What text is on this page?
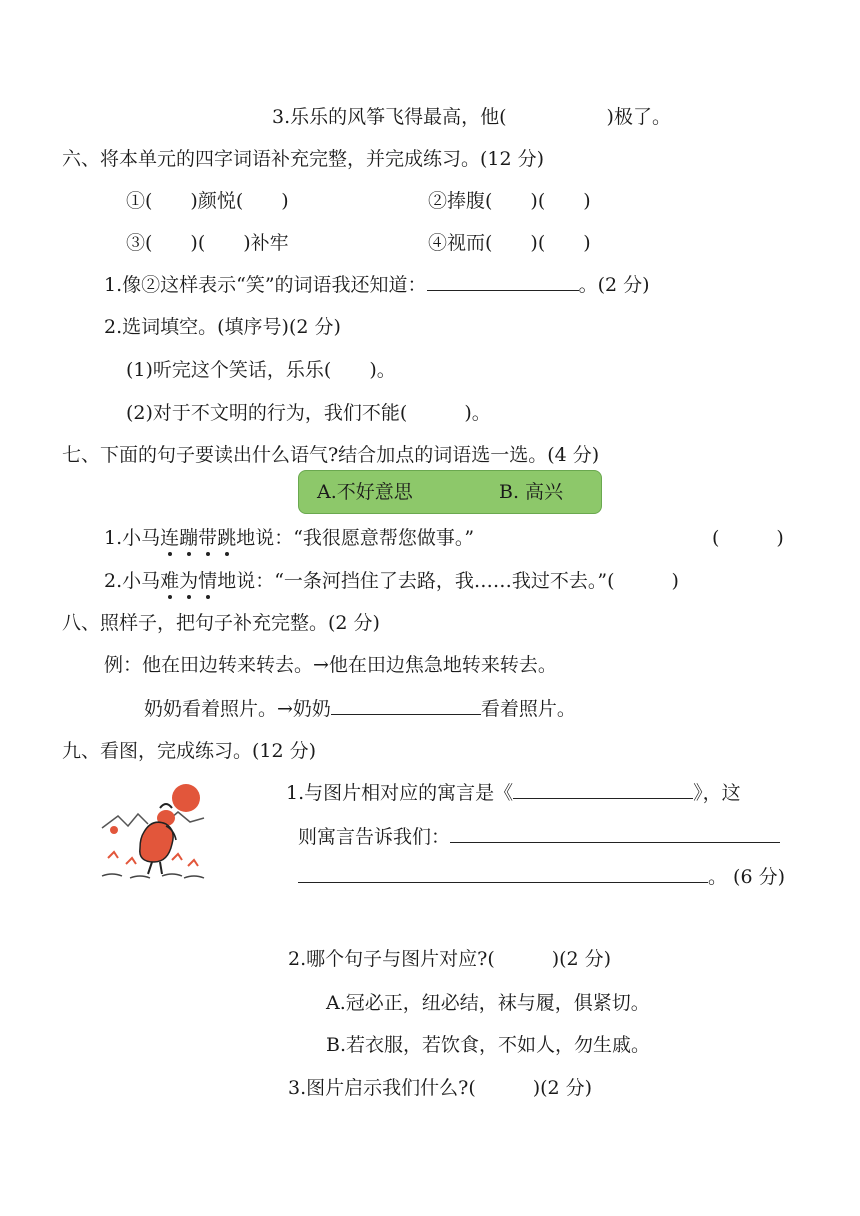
3.乐乐的风筝飞得最高，他(	)极了。
六、将本单元的四字词语补充完整，并完成练习。(12 分)
①(　　)颜悦(　　)	②捧腹(　　)(　　)
③(　　)(　　)补牢	④视而(　　)(　　)
1.像②这样表示“笑”的词语我还知道：	。(2 分)
2.选词填空。(填序号)(2 分)
(1)听完这个笑话，乐乐(　　)。
(2)对于不文明的行为，我们不能(　　　)。
七、下面的句子要读出什么语气?结合加点的词语选一选。(4 分)
A.不好意思	B. 高兴
1.小马连蹦带跳地说：“我很愿意帮您做事。”	(　　　)
2.小马难为情地说：“一条河挡住了去路，我……我过不去。”(　　　)
八、照样子，把句子补充完整。(2 分)
例：他在田边转来转去。→他在田边焦急地转来转去。
奶奶看着照片。→奶奶	看着照片。
九、看图，完成练习。(12 分)
1.与图片相对应的寓言是《	》，这
则寓言告诉我们：
。 (6 分)
2.哪个句子与图片对应?(　　　)(2 分)
A.冠必正，纽必结，袜与履，俱紧切。
B.若衣服，若饮食，不如人，勿生戚。
3.图片启示我们什么?(　　　)(2 分)
